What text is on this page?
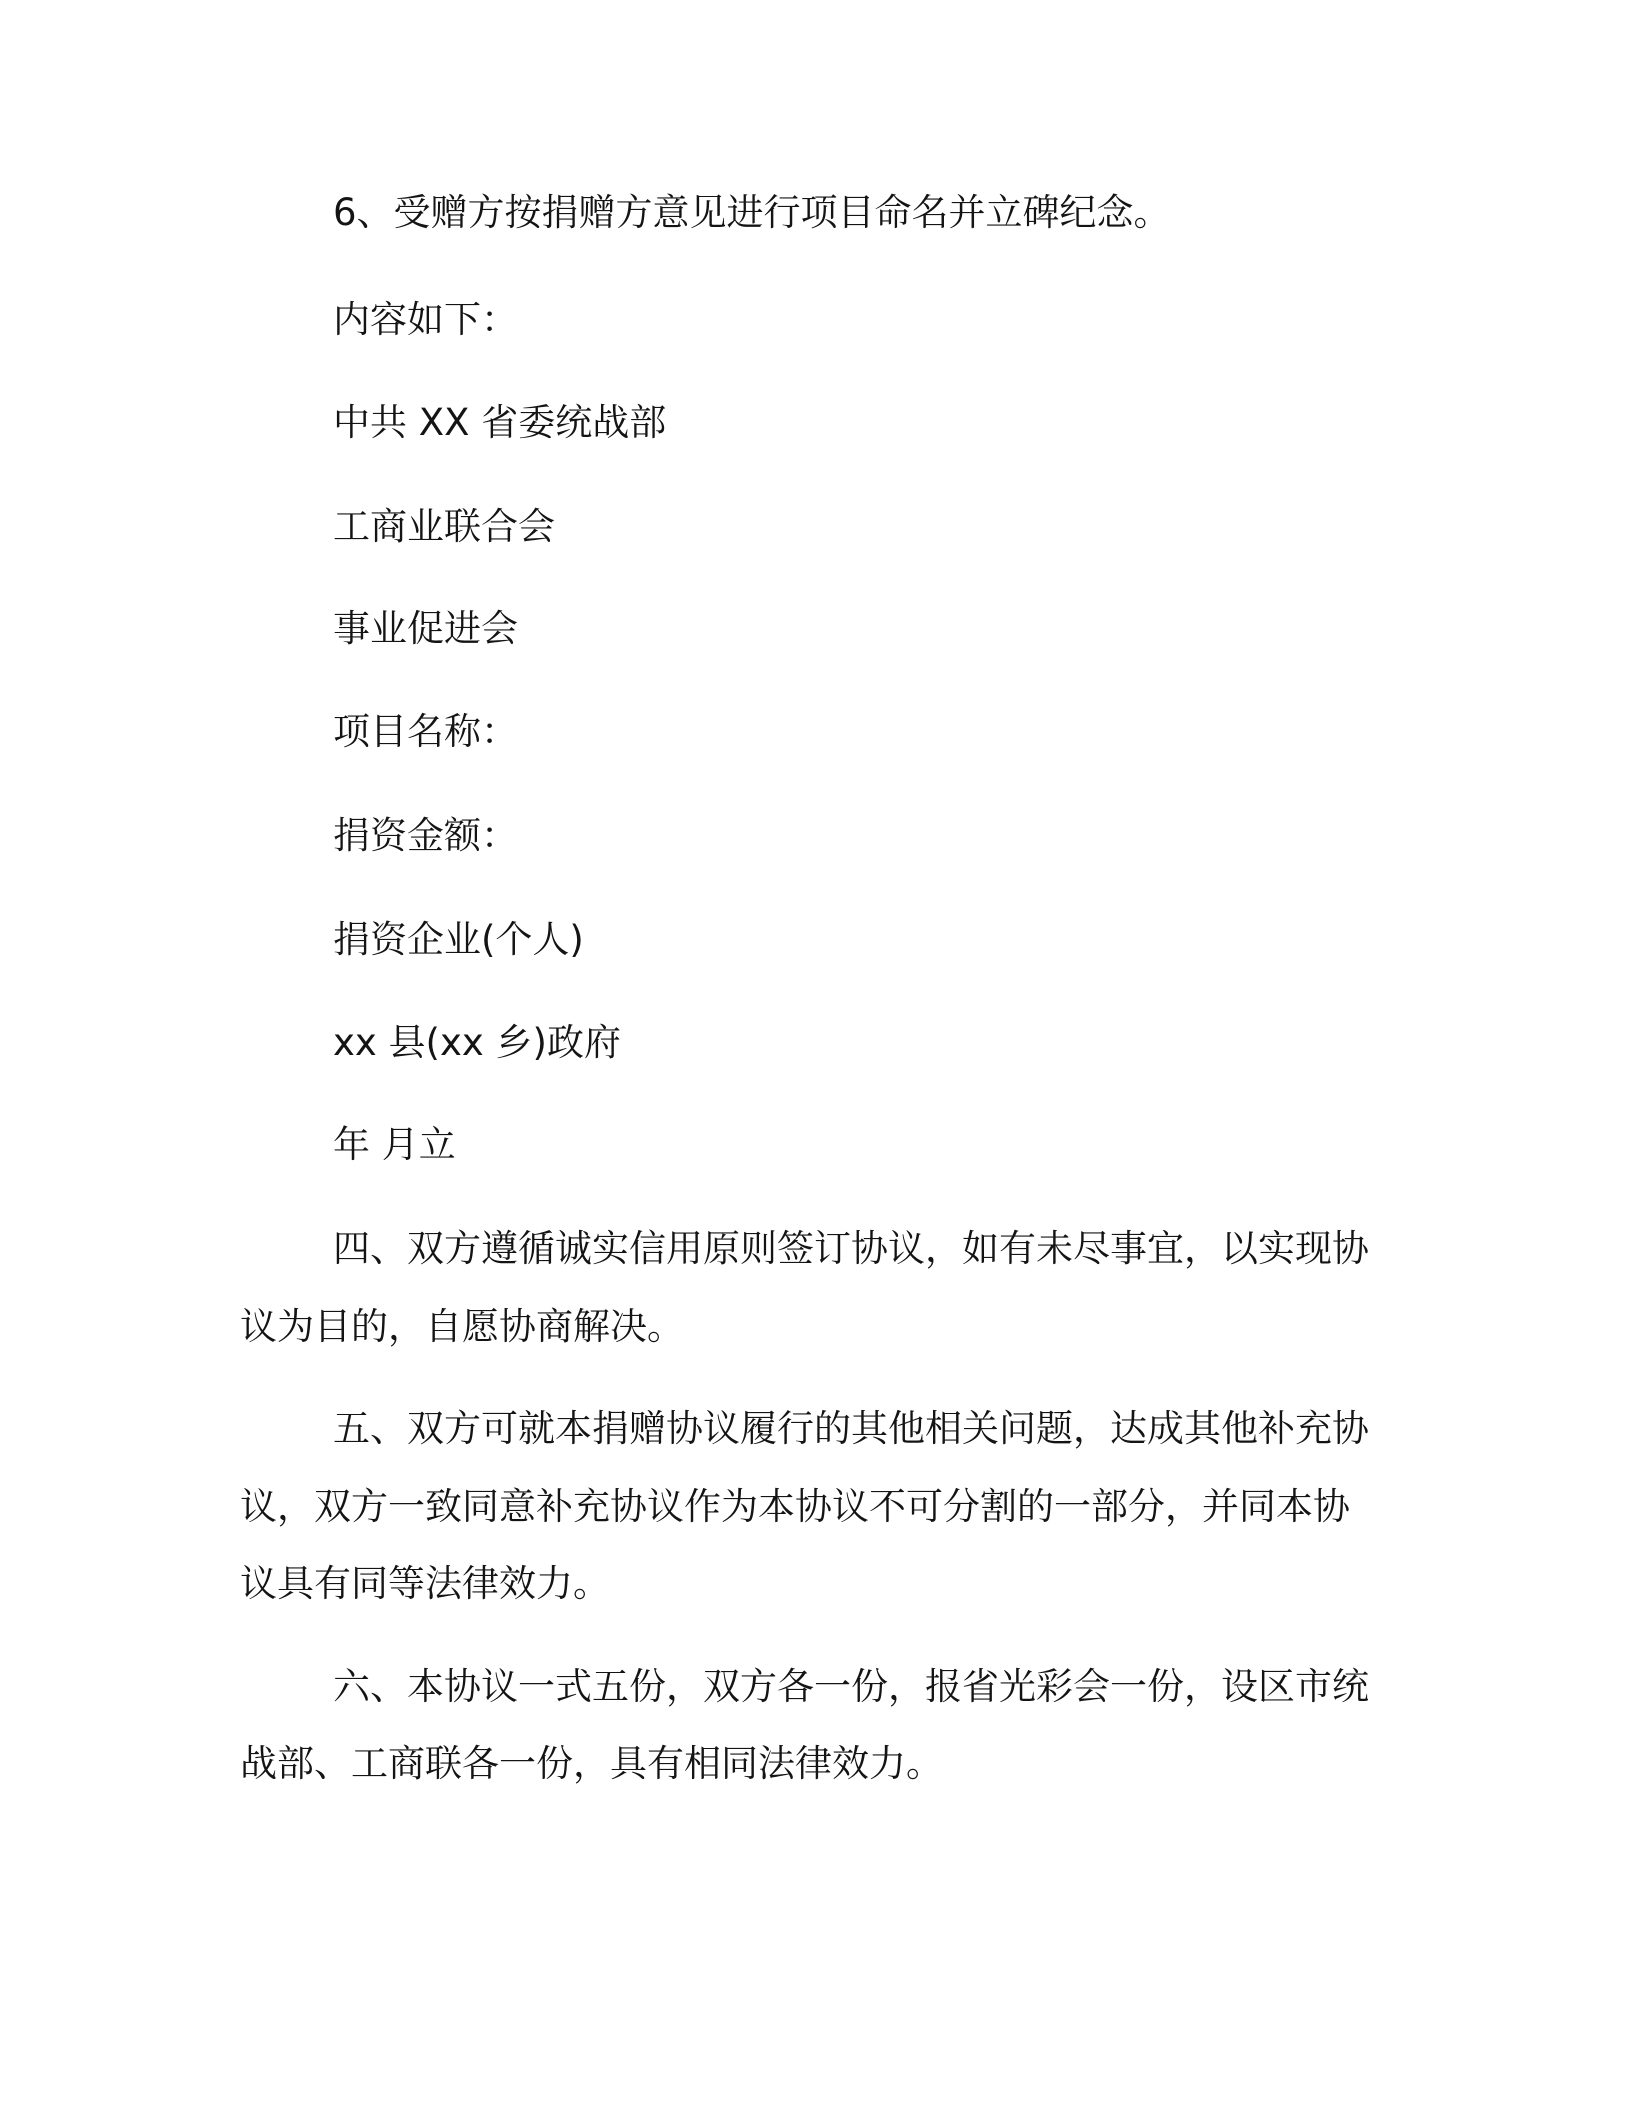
6、受赠方按捐赠方意见进行项目命名并立碑纪念。
内容如下：
中共 XX 省委统战部
工商业联合会
事业促进会
项目名称：
捐资金额：
捐资企业(个人)
xx 县(xx 乡)政府
年 月立
四、双方遵循诚实信用原则签订协议，如有未尽事宜，以实现协
议为目的，自愿协商解决。
五、双方可就本捐赠协议履行的其他相关问题，达成其他补充协
议，双方一致同意补充协议作为本协议不可分割的一部分，并同本协
议具有同等法律效力。
六、本协议一式五份，双方各一份，报省光彩会一份，设区市统
战部、工商联各一份，具有相同法律效力。
